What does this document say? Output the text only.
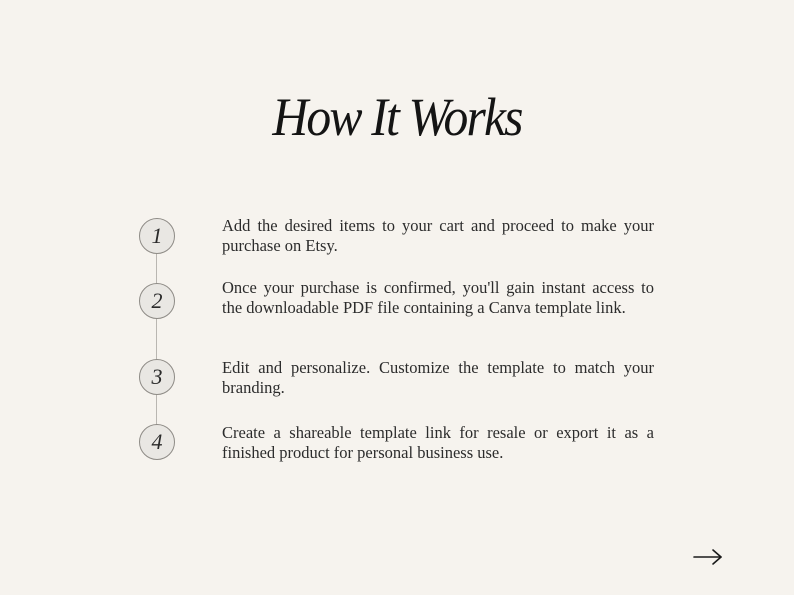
How It Works
1	Add the desired items to your cart and proceed to make your purchase on Etsy.
2
Once your purchase is confirmed, you'll gain instant access to the downloadable PDF file containing a Canva template link.
3	Edit and personalize. Customize the template to match your branding.
4	Create a shareable template link for resale or export it as a finished product for personal business use.
